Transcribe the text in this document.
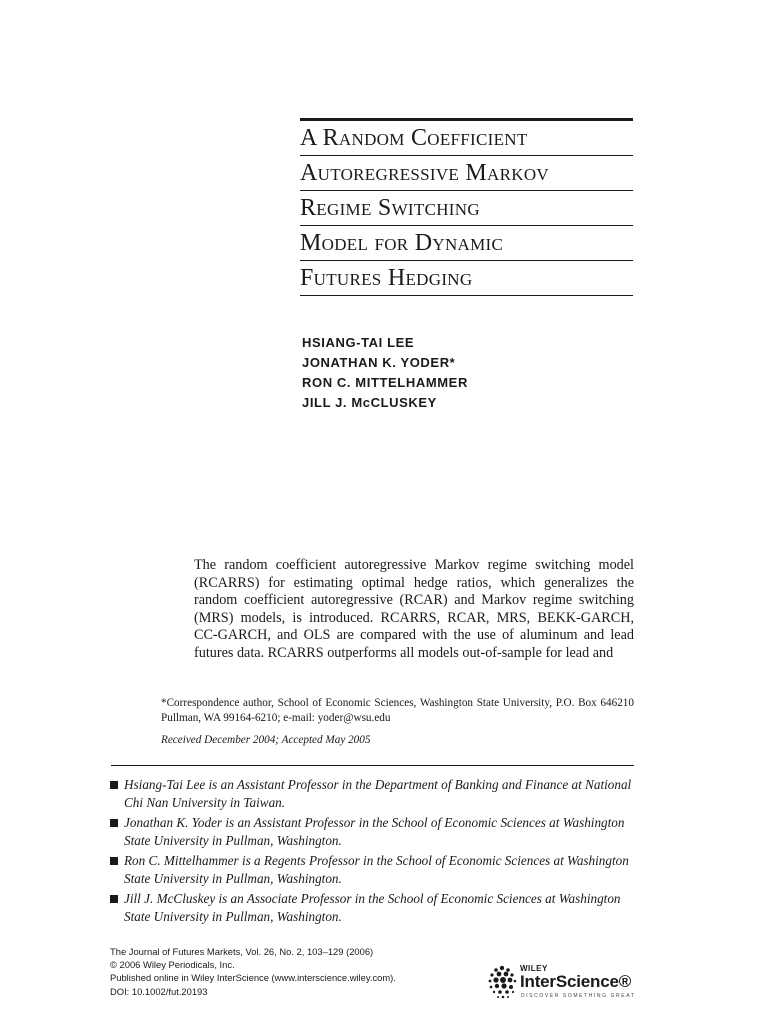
A Random Coefficient
Autoregressive Markov
Regime Switching
Model for Dynamic
Futures Hedging
HSIANG-TAI LEE
JONATHAN K. YODER*
RON C. MITTELHAMMER
JILL J. McCLUSKEY
The random coefficient autoregressive Markov regime switching model (RCARRS) for estimating optimal hedge ratios, which generalizes the random coefficient autoregressive (RCAR) and Markov regime switching (MRS) models, is introduced. RCARRS, RCAR, MRS, BEKK-GARCH, CC-GARCH, and OLS are compared with the use of aluminum and lead futures data. RCARRS outperforms all models out-of-sample for lead and
*Correspondence author, School of Economic Sciences, Washington State University, P.O. Box 646210 Pullman, WA 99164-6210; e-mail: yoder@wsu.edu
Received December 2004; Accepted May 2005
Hsiang-Tai Lee is an Assistant Professor in the Department of Banking and Finance at National Chi Nan University in Taiwan.
Jonathan K. Yoder is an Assistant Professor in the School of Economic Sciences at Washington State University in Pullman, Washington.
Ron C. Mittelhammer is a Regents Professor in the School of Economic Sciences at Washington State University in Pullman, Washington.
Jill J. McCluskey is an Associate Professor in the School of Economic Sciences at Washington State University in Pullman, Washington.
The Journal of Futures Markets, Vol. 26, No. 2, 103–129 (2006)
© 2006 Wiley Periodicals, Inc.
Published online in Wiley InterScience (www.interscience.wiley.com).
DOI: 10.1002/fut.20193
WILEY
InterScience®
DISCOVER SOMETHING GREAT
